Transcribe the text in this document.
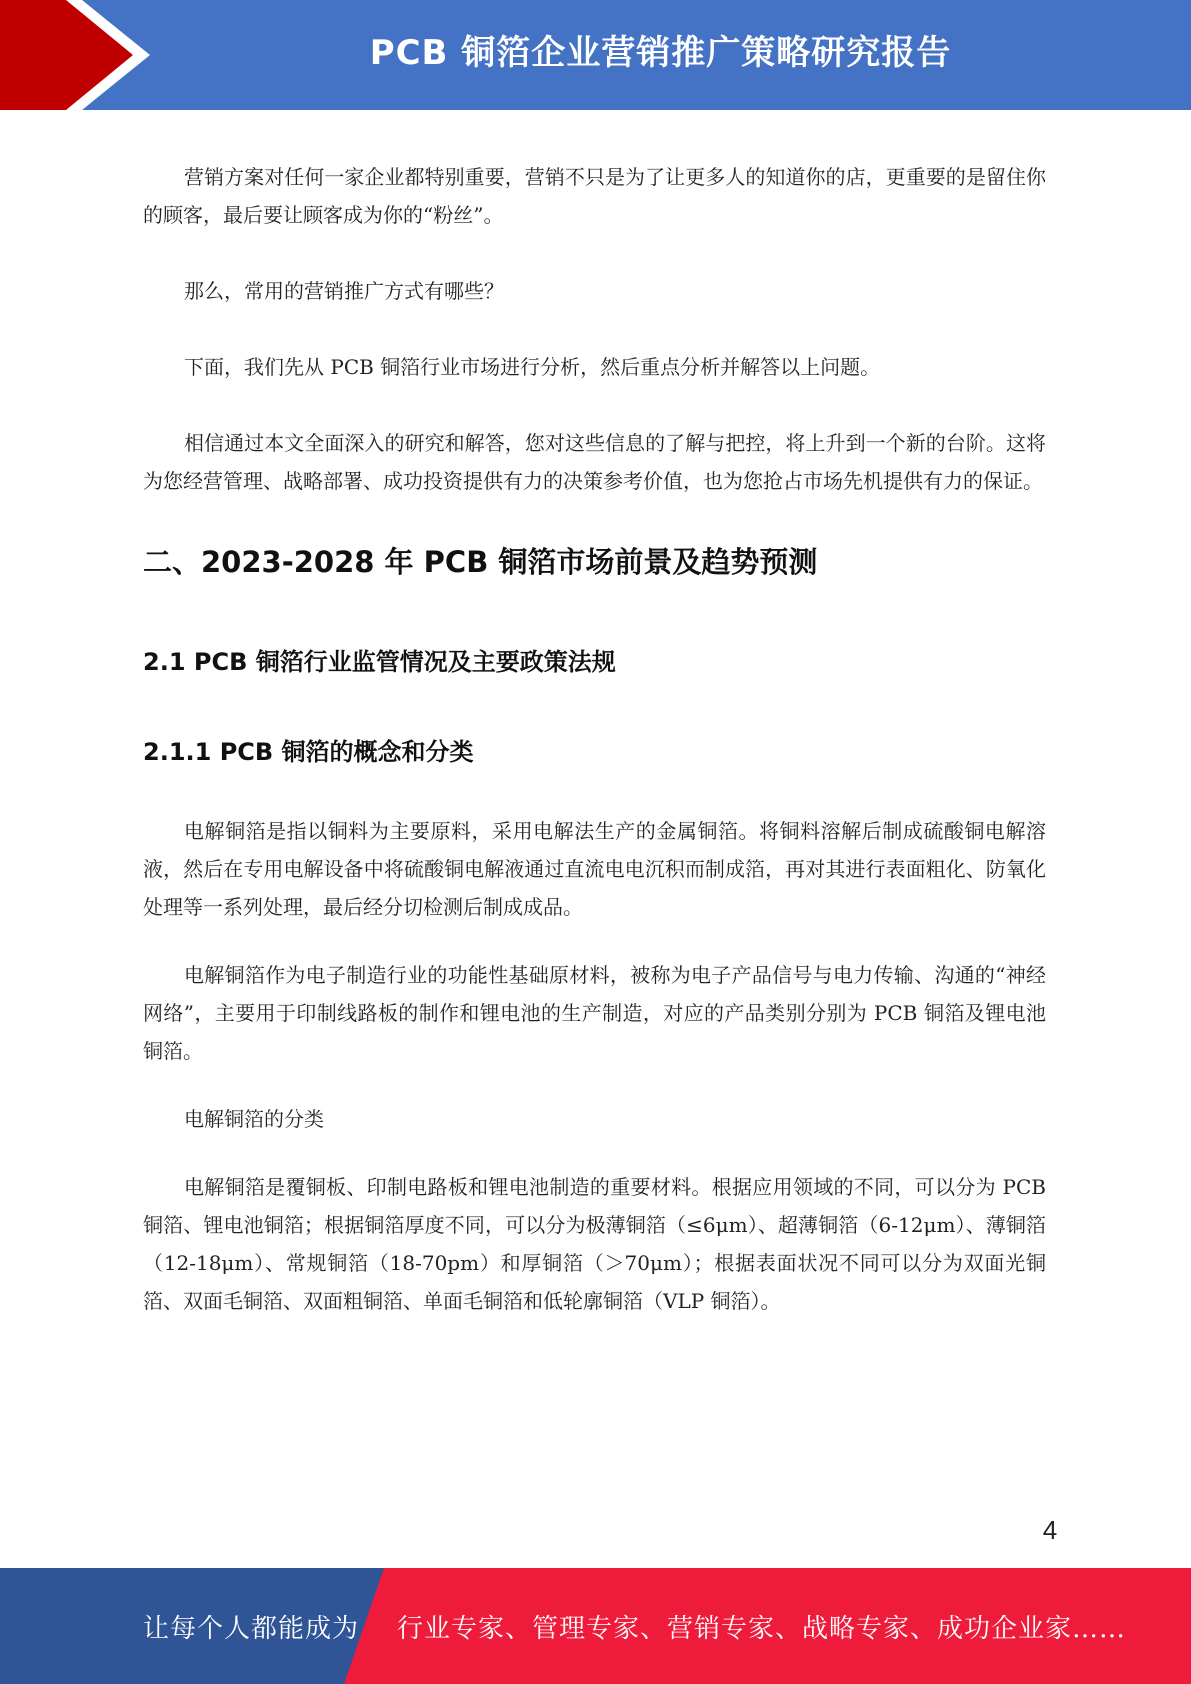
PCB 铜箔企业营销推广策略研究报告

营销方案对任何一家企业都特别重要，营销不只是为了让更多人的知道你的店，更重要的是留住你的顾客，最后要让顾客成为你的“粉丝”。

那么，常用的营销推广方式有哪些？

下面，我们先从 PCB 铜箔行业市场进行分析，然后重点分析并解答以上问题。

相信通过本文全面深入的研究和解答，您对这些信息的了解与把控，将上升到一个新的台阶。这将为您经营管理、战略部署、成功投资提供有力的决策参考价值，也为您抢占市场先机提供有力的保证。

二、2023-2028 年 PCB 铜箔市场前景及趋势预测
2.1 PCB 铜箔行业监管情况及主要政策法规
2.1.1 PCB 铜箔的概念和分类

电解铜箔是指以铜料为主要原料，采用电解法生产的金属铜箔。将铜料溶解后制成硫酸铜电解溶液，然后在专用电解设备中将硫酸铜电解液通过直流电电沉积而制成箔，再对其进行表面粗化、防氧化处理等一系列处理，最后经分切检测后制成成品。

电解铜箔作为电子制造行业的功能性基础原材料，被称为电子产品信号与电力传输、沟通的“神经网络”，主要用于印制线路板的制作和锂电池的生产制造，对应的产品类别分别为 PCB 铜箔及锂电池铜箔。

电解铜箔的分类

电解铜箔是覆铜板、印制电路板和锂电池制造的重要材料。根据应用领域的不同，可以分为 PCB 铜箔、锂电池铜箔；根据铜箔厚度不同，可以分为极薄铜箔（≤6μm）、超薄铜箔（6-12μm）、薄铜箔（12-18μm）、常规铜箔（18-70pm）和厚铜箔（＞70μm）；根据表面状况不同可以分为双面光铜箔、双面毛铜箔、双面粗铜箔、单面毛铜箔和低轮廓铜箔（VLP 铜箔）。

4
让每个人都能成为 行业专家、管理专家、营销专家、战略专家、成功企业家……
